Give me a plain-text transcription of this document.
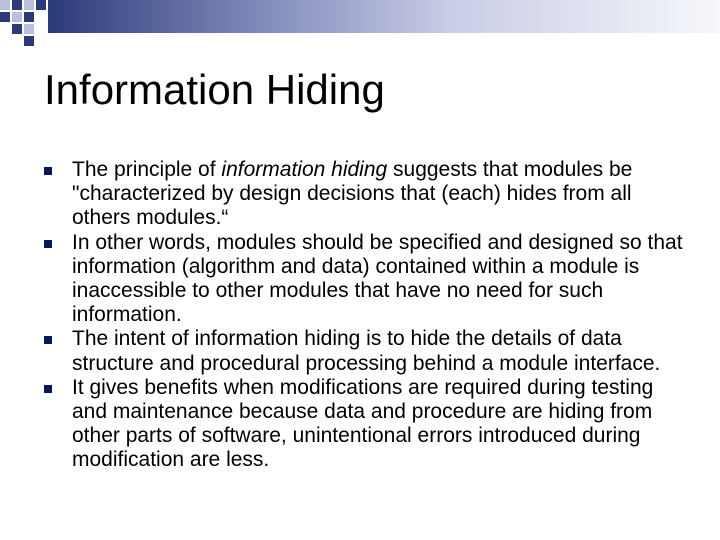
Information Hiding
The principle of information hiding suggests that modules be "characterized by design decisions that (each) hides from all others modules.“
In other words, modules should be specified and designed so that information (algorithm and data) contained within a module is inaccessible to other modules that have no need for such information.
The intent of information hiding is to hide the details of data structure and procedural processing behind a module interface.
It gives benefits when modifications are required during testing and maintenance because data and procedure are hiding from other parts of software, unintentional errors introduced during modification are less.
